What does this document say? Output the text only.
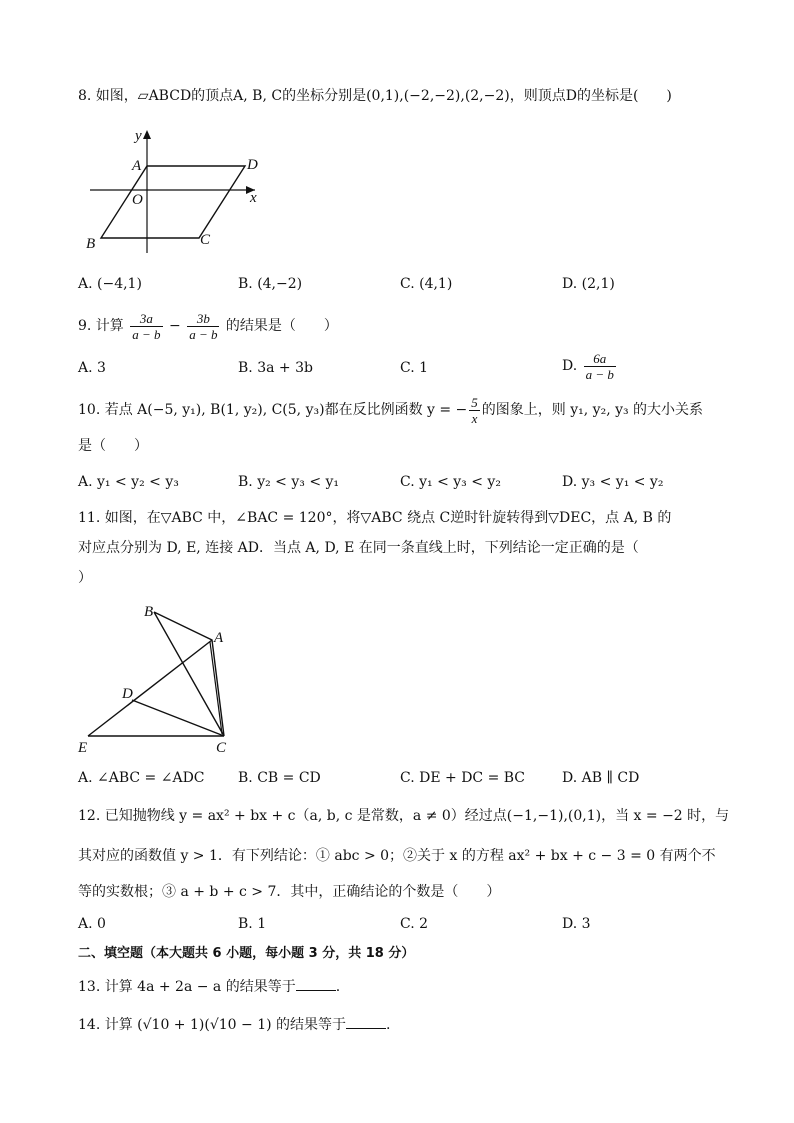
8. 如图，▱ABCD的顶点A, B, C的坐标分别是(0,1),(−2,−2),(2,−2)，则顶点D的坐标是(　　)
y
x
A	D
O
B	C
A. (−4,1)	B. (4,−2)	C. (4,1)	D. (2,1)
9. 计算 $\frac{3a}{a - b} - \frac{3b}{a - b}$ 的结果是（　　）
A. 3	B. 3a + 3b	C. 1	D. $\frac{6a}{a - b}$
10. 若点 A(−5, y₁), B(1, y₂), C(5, y₃)都在反比例函数 y = − $\frac{5}{x}$ 的图象上，则 y₁, y₂, y₃ 的大小关系
是（　　）
A. y₁ < y₂ < y₃	B. y₂ < y₃ < y₁	C. y₁ < y₃ < y₂	D. y₃ < y₁ < y₂
11. 如图，在▽ABC 中，∠BAC = 120°，将▽ABC 绕点 C逆时针旋转得到▽DEC，点 A, B 的
对应点分别为 D, E, 连接 AD．当点 A, D, E 在同一条直线上时，下列结论一定正确的是（
）
B
A
D
E	C
A. ∠ABC = ∠ADC B. CB = CD	C. DE + DC = BC	D. AB ∥ CD
12. 已知抛物线 y = ax² + bx + c（a, b, c 是常数，a ≠ 0）经过点(−1,−1),(0,1)，当 x = −2 时，与
其对应的函数值 y > 1．有下列结论：① abc > 0；②关于 x 的方程 ax² + bx + c − 3 = 0 有两个不
等的实数根；③ a + b + c > 7．其中，正确结论的个数是（　　）
A. 0	B. 1	C. 2	D. 3
二、填空题（本大题共 6 小题，每小题 3 分，共 18 分）
13. 计算 4a + 2a − a 的结果等于	.
14. 计算 (√10 + 1)(√10 − 1) 的结果等于	.
